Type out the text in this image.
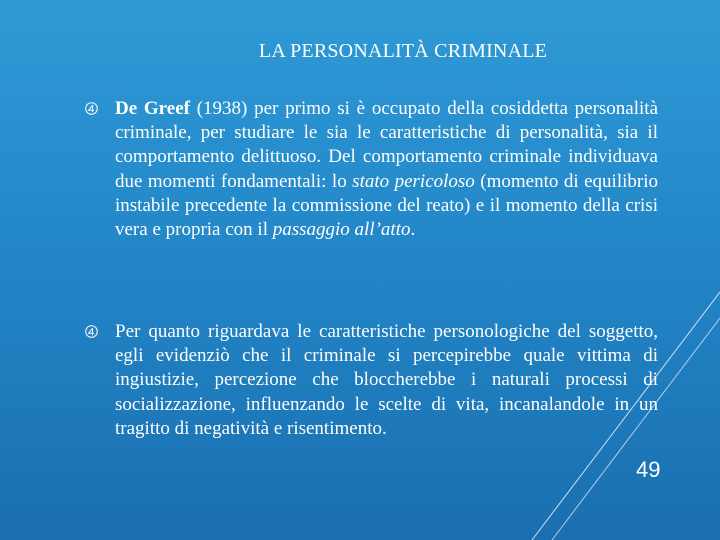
LA PERSONALITÀ CRIMINALE
De Greef (1938) per primo si è occupato della cosiddetta personalità criminale, per studiare le sia le caratteristiche di personalità, sia il comportamento delittuoso. Del comportamento criminale individuava due momenti fondamentali: lo stato pericoloso (momento di equilibrio instabile precedente la commissione del reato) e il momento della crisi vera e propria con il passaggio all’atto.
Per quanto riguardava le caratteristiche personologiche del soggetto, egli evidenziò che il criminale si percepirebbe quale vittima di ingiustizie, percezione che bloccherebbe i naturali processi di socializzazione, influenzando le scelte di vita, incanalandole in un tragitto di negatività e risentimento.
49
